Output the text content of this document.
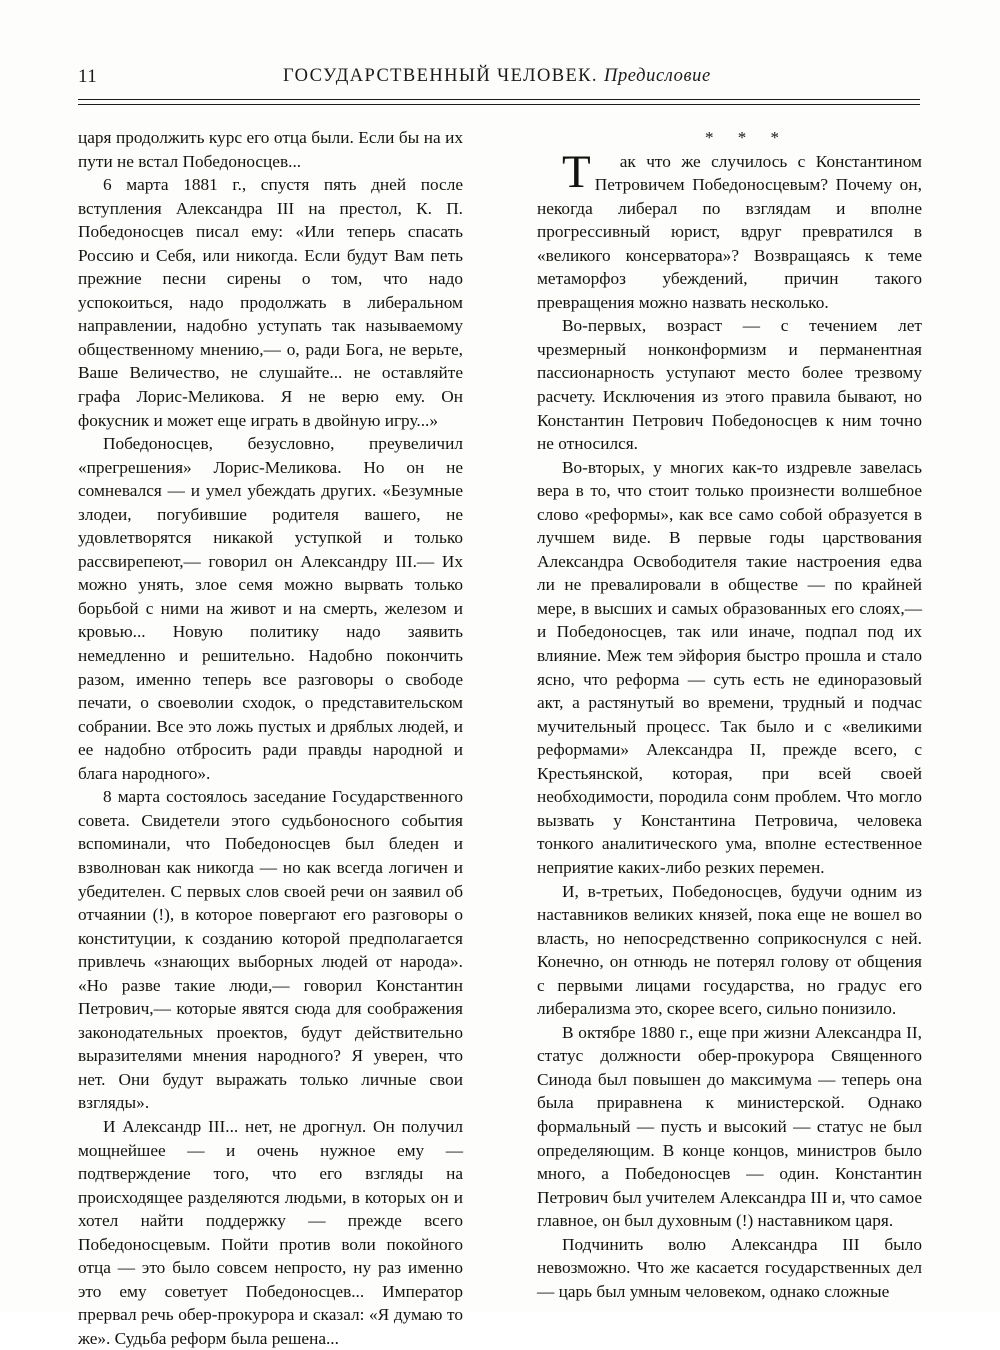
11	ГОСУДАРСТВЕННЫЙ ЧЕЛОВЕК. Предисловие

царя продолжить курс его отца были. Если бы на их пути не встал Победоносцев...

6 марта 1881 г., спустя пять дней после вступления Александра III на престол, К. П. Победоносцев писал ему: «Или теперь спасать Россию и Себя, или никогда. Если будут Вам петь прежние песни сирены о том, что надо успокоиться, надо продолжать в либеральном направлении, надобно уступать так называемому общественному мнению,— о, ради Бога, не верьте, Ваше Величество, не слушайте... не оставляйте графа Лорис-Меликова. Я не верю ему. Он фокусник и может еще играть в двойную игру...»

Победоносцев, безусловно, преувеличил «прегрешения» Лорис-Меликова. Но он не сомневался — и умел убеждать других. «Безумные злодеи, погубившие родителя вашего, не удовлетворятся никакой уступкой и только рассвирепеют,— говорил он Александру III.— Их можно унять, злое семя можно вырвать только борьбой с ними на живот и на смерть, железом и кровью... Новую политику надо заявить немедленно и решительно. Надобно покончить разом, именно теперь все разговоры о свободе печати, о своеволии сходок, о представительском собрании. Все это ложь пустых и дряблых людей, и ее надобно отбросить ради правды народной и блага народного».

8 марта состоялось заседание Государственного совета. Свидетели этого судьбоносного события вспоминали, что Победоносцев был бледен и взволнован как никогда — но как всегда логичен и убедителен. С первых слов своей речи он заявил об отчаянии (!), в которое повергают его разговоры о конституции, к созданию которой предполагается привлечь «знающих выборных людей от народа». «Но разве такие люди,— говорил Константин Петрович,— которые явятся сюда для соображения законодательных проектов, будут действительно выразителями мнения народного? Я уверен, что нет. Они будут выражать только личные свои взгляды».

И Александр III... нет, не дрогнул. Он получил мощнейшее — и очень нужное ему — подтверждение того, что его взгляды на происходящее разделяются людьми, в которых он и хотел найти поддержку — прежде всего Победоносцевым. Пойти против воли покойного отца — это было совсем непросто, ну раз именно это ему советует Победоносцев... Император прервал речь обер-прокурора и сказал: «Я думаю то же». Судьба реформ была решена...

* * *

Т ак что же случилось с Константином Петровичем Победоносцевым? Почему он, некогда либерал по взглядам и вполне прогрессивный юрист, вдруг превратился в «великого консерватора»? Возвращаясь к теме метаморфоз убеждений, причин такого превращения можно назвать несколько.

Во-первых, возраст — с течением лет чрезмерный нонконформизм и перманентная пассионарность уступают место более трезвому расчету. Исключения из этого правила бывают, но Константин Петрович Победоносцев к ним точно не относился.

Во-вторых, у многих как-то издревле завелась вера в то, что стоит только произнести волшебное слово «реформы», как все само собой образуется в лучшем виде. В первые годы царствования Александра Освободителя такие настроения едва ли не превалировали в обществе — по крайней мере, в высших и самых образованных его слоях,— и Победоносцев, так или иначе, подпал под их влияние. Меж тем эйфория быстро прошла и стало ясно, что реформа — суть есть не единоразовый акт, а растянутый во времени, трудный и подчас мучительный процесс. Так было и с «великими реформами» Александра II, прежде всего, с Крестьянской, которая, при всей своей необходимости, породила сонм проблем. Что могло вызвать у Константина Петровича, человека тонкого аналитического ума, вполне естественное неприятие каких-либо резких перемен.

И, в-третьих, Победоносцев, будучи одним из наставников великих князей, пока еще не вошел во власть, но непосредственно соприкоснулся с ней. Конечно, он отнюдь не потерял голову от общения с первыми лицами государства, но градус его либерализма это, скорее всего, сильно понизило.

В октябре 1880 г., еще при жизни Александра II, статус должности обер-прокурора Священного Синода был повышен до максимума — теперь она была приравнена к министерской. Однако формальный — пусть и высокий — статус не был определяющим. В конце концов, министров было много, а Победоносцев — один. Константин Петрович был учителем Александра III и, что самое главное, он был духовным (!) наставником царя.

Подчинить волю Александра III было невозможно. Что же касается государственных дел — царь был умным человеком, однако сложные
